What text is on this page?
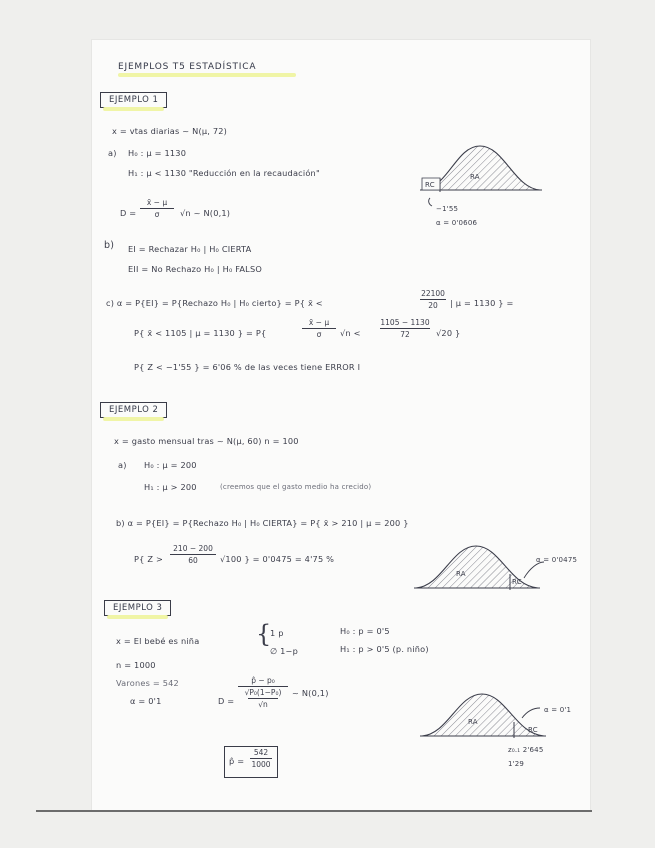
EJEMPLOS T5 ESTADÍSTICA
EJEMPLO 1
x = vtas diarias ~ N(μ, 72)
a) H₀ : μ = 1130
H₁ : μ < 1130 "Reducción en la recaudación"
D =
x̄ − μ
σ	√n ~ N(0,1)
RC
RA
−1'55
α = 0'0606
b) EI = Rechazar H₀ | H₀ CIERTA
EII = No Rechazo H₀ | H₀ FALSO
c) α = P{EI} = P{Rechazo H₀ | H₀ cierto} = P{ x̄ <
22100
20 | μ = 1130 } =
P{ x̄ < 1105 | μ = 1130 } = P{
x̄ − μ
σ √n <
1105 − 1130
72	√20 }
P{ Z < −1'55 } = 6'06 % de las veces tiene ERROR I
EJEMPLO 2
x = gasto mensual tras ~ N(μ, 60) n = 100
a) H₀ : μ = 200
H₁ : μ > 200	(creemos que el gasto medio ha crecido)
b) α = P{EI} = P{Rechazo H₀ | H₀ CIERTA} = P{ x̄ > 210 | μ = 200 }
P{ Z >
210 − 200
60	√100 } = 0'0475 = 4'75 %
RA
RC
α = 0'0475
EJEMPLO 3
x = El bebé es niña {
1 p
∅ 1−p
H₀ : p = 0'5
H₁ : p > 0'5 (p. niño)
n = 1000
Varones = 542
α = 0'1	D =
p̂ − p₀
√P₀(1−P₀)
√n
~ N(0,1)
p̂ =
542
1000
RA
RC
α = 0'1
z₀.₁ 2'645
1'29
